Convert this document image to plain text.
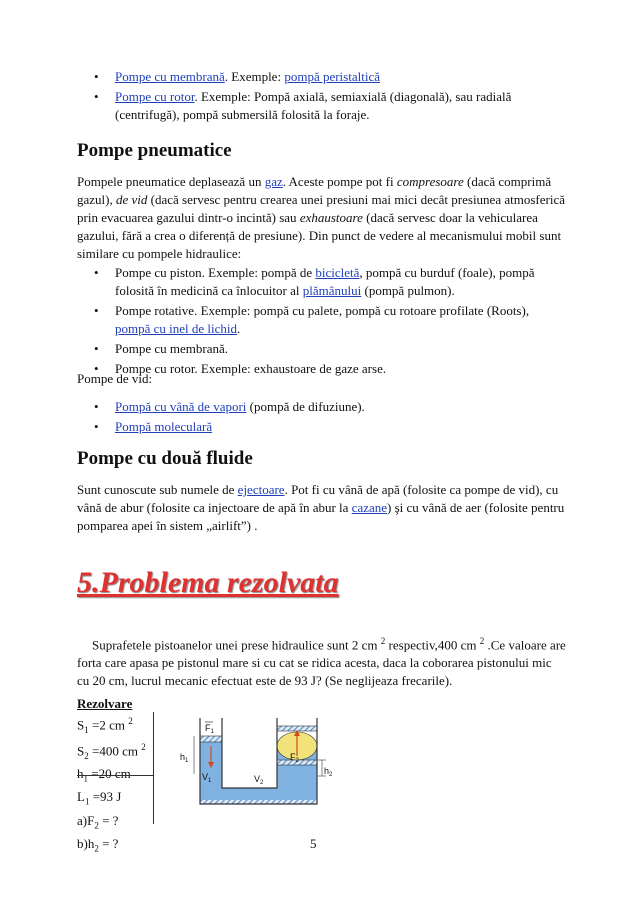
• Pompe cu membrană. Exemple: pompă peristaltică
• Pompe cu rotor. Exemple: Pompă axială, semiaxială (diagonală), sau radială (centrifugă), pompă submersilă folosită la foraje.
Pompe pneumatice

Pompele pneumatice deplasează un gaz. Aceste pompe pot fi compresoare (dacă comprimă gazul), de vid (dacă servesc pentru crearea unei presiuni mai mici decât presiunea atmosferică prin evacuarea gazului dintr-o incintă) sau exhaustoare (dacă servesc doar la vehicularea gazului, fără a crea o diferență de presiune). Din punct de vedere al mecanismului mobil sunt similare cu pompele hidraulice:

• Pompe cu piston. Exemple: pompă de bicicletă, pompă cu burduf (foale), pompă folosită în medicină ca înlocuitor al plămânului (pompă pulmon).
• Pompe rotative. Exemple: pompă cu palete, pompă cu rotoare profilate (Roots), pompă cu inel de lichid.
• Pompe cu membrană.
• Pompe cu rotor. Exemple: exhaustoare de gaze arse.
Pompe de vid:
• Pompă cu vână de vapori (pompă de difuziune).
• Pompă moleculară
Pompe cu două fluide

Sunt cunoscute sub numele de ejectoare. Pot fi cu vână de apă (folosite ca pompe de vid), cu vână de abur (folosite ca injectoare de apă în abur la cazane) şi cu vână de aer (folosite pentru pomparea apei în sistem „airlift”) .

5.Problema rezolvata

Suprafetele pistoanelor unei prese hidraulice sunt 2 cm $^2$ respectiv,400 cm $^2$ .Ce valoare are forta care apasa pe pistonul mare si cu cat se ridica acesta, daca la coborarea pistonului mic cu 20 cm, lucrul mecanic efectuat este de 93 J? (Se neglijeaza frecarile).

Rezolvare
$S_1 =2$ cm $^2$
$S_2 =400$ cm $^2$
$h_1 =20$ cm
$L_1 =93$ J
$a)F_2$ = ?
$b)h_2$ = ?
$F_1$
$F_2$
$h_1$
$h_2$
$V_1$	$V_2$
5
